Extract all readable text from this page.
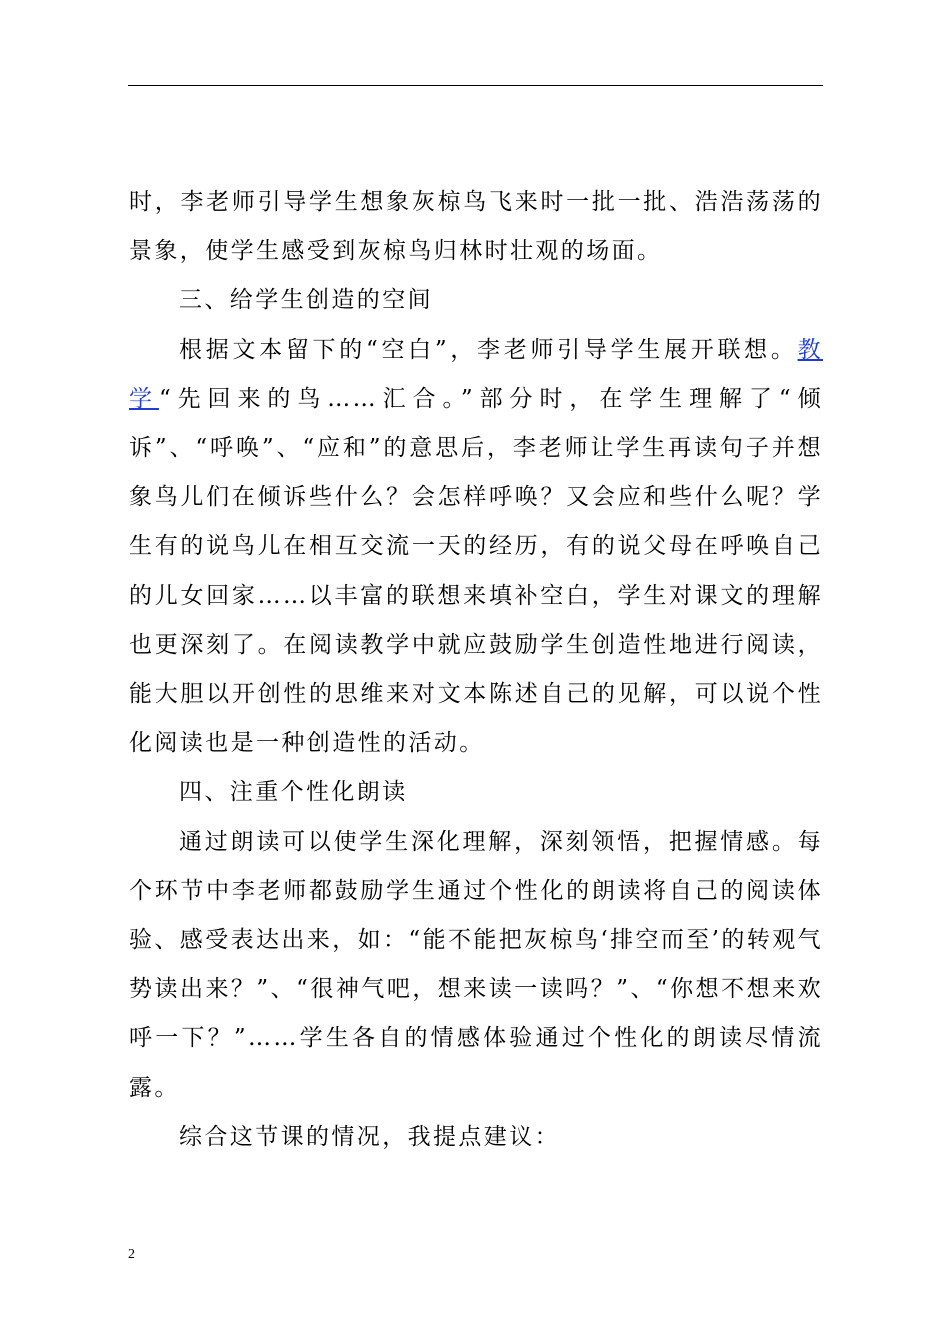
时，李老师引导学生想象灰椋鸟飞来时一批一批、浩浩荡荡的景象，使学生感受到灰椋鸟归林时壮观的场面。

三、给学生创造的空间

根据文本留下的“空白”，李老师引导学生展开联想。教学“先回来的鸟……汇合。”部分时，在学生理解了“倾诉”、“呼唤”、“应和”的意思后，李老师让学生再读句子并想象鸟儿们在倾诉些什么？会怎样呼唤？又会应和些什么呢？学生有的说鸟儿在相互交流一天的经历，有的说父母在呼唤自己的儿女回家……以丰富的联想来填补空白，学生对课文的理解也更深刻了。在阅读教学中就应鼓励学生创造性地进行阅读，能大胆以开创性的思维来对文本陈述自己的见解，可以说个性化阅读也是一种创造性的活动。

四、注重个性化朗读

通过朗读可以使学生深化理解，深刻领悟，把握情感。每个环节中李老师都鼓励学生通过个性化的朗读将自己的阅读体验、感受表达出来，如：“能不能把灰椋鸟‘排空而至’的转观气势读出来？”、“很神气吧，想来读一读吗？”、“你想不想来欢呼一下？”……学生各自的情感体验通过个性化的朗读尽情流露。

综合这节课的情况，我提点建议：

2
